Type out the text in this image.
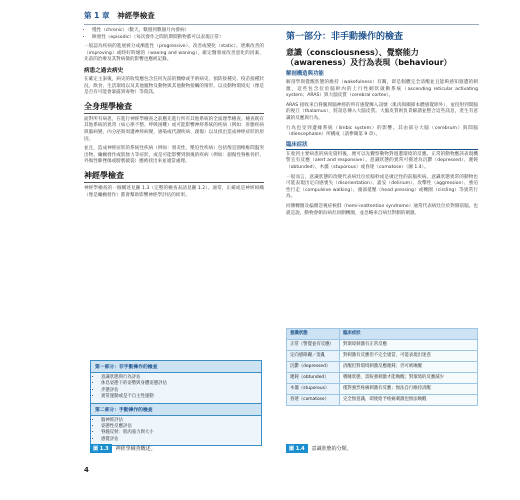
第 1 章 神經學檢查
• 慢性（chronic）（數天、數週到數個月內發病）
• 陣發性（episodic）（每次發作之間的期間動物都可以表現正常）

一般認為疾病的進展被分成漸進性（progressive）、改善或變化（static）、逐漸改善的（improving）或時好時壞的（waxing and waning），確定醫發或改善惡化的因素，先前的治療及其對病徵的影響也應被記錄。

病患之過去病史

在確定主訴後，病史的收集應包含任何先前的醫療或手術病史、預防接種史、疫苗接種狀況、飲食、生活環境以及其他寵物及動物與其他動物接觸的情形，以及動物環境史（像是是否有可能會暴露到毒物）等資訊。

全身理學檢查

面對所有病患，在進行神經學檢查之前應先進行所有其他系統的全面理學檢查。檢查既有其他系統的異常（如心律不整、呼吸困難）或可能影響神經系統的疾病（例如：肝膽疾病與腦病變、內分泌與周邊神經病變、感染或代謝疾病、創傷）以及找出造成神經症狀的原因。

並且，造成神經症狀的系統性疾病（例如：發炎性、壓迫性疾病）包括像是頸椎椎間盤突出物、癲癇發作或肌無力等症狀，或是可能影響到預後的疾病（例如：創傷性脊椎骨折、外傷性肺挫傷或膀胱破裂）應被找出來並適當處理。

神經學檢查

神經學檢查的一個概述見圖 1.3（完整的檢查表請見圖 1.2）。通常，正確或是神經組織（像是癲癇發作）都會幫助影響神經學評估的結果。

第一部分：非手動操作的檢查
• 意識狀態與行為評估
• 休息姿態下的姿勢與身體姿態評估
• 步態評估
• 異常運動或是不自主性運動
第二部分：手動操作的檢查
• 腦神經評估
• 姿態性反應評估
• 脊髓反射：肌肉張力與大小
• 感覺評估
圖 1.3	神經學檢查概述。
第一部分：非手動操作的檢查
意識（consciousness）、覺察能力（awareness）及行為表現（behaviour）
解剖構造與功能

解剖學與覺醒狀態的維持（wakefulness）有關，即是個體完全清醒並且能夠感知週遭的刺激，這些包含位於腦幹內的上行性網狀啟動系統（ascending reticular activating system；ARAS）與大腦皮質（cerebral cortex）。

ARAS 接收來自脊髓與腦神經的所有感覺傳入訊號（肌肉與關節本體感覺除外），並投射到間腦的視丘（thalamus），將訊息傳入大腦皮質。大腦皮質則負責解讀並整合這些訊息，產生有意識的反應與行為。

行為也受到邊緣系統（limbic system）的影響。其由部分大腦（cerebrum）與間腦（diencephalon）所構成（請參閱第 9 章）。

臨床症狀

在收到主要病患的病史資料後，便可以先觀察動物對週遭環境的反應。正常的動物應該表現機警且有反應（alert and responsive）。意識狀態的異常可描述為沉鬱（depressed）、遲鈍（obtunded）、木僵（stuporous）或昏迷（comatose）（圖 1.4）。

一般而言，意識狀態的改變代表病灶位於腦幹或是廣泛性的前腦疾病。意識狀態異常的動物也可能表現出定向感喪失（disorientation）、譫妄（delirium）、攻擊性（aggression）、強迫性行走（compulsive walking）、頭部抵壓（head pressing）或轉圈（circling）等異常行為。

同側轉圈及偏側忽視症候群（hemi-inattention syndrome）通常代表病灶位於對側前腦，也就是說，動物會朝向病灶同側轉圈，並忽略來自病灶對側的刺激。

意識狀態	臨床症狀
正常（警覺並有反應）	對環境刺激有正常反應
定向感障礙／混亂	對刺激有反應但不完全適當，可能表現出迷惑
沉鬱（depressed）	清醒但對環境刺激反應遲鈍；仍可被喚醒
遲鈍（obtunded）	嗜睡狀態，需較強刺激才能喚醒；對環境的反應減少
木僵（stuporous）	僅對強烈疼痛刺激有反應；無法自行維持清醒
昏迷（comatose）	完全無意識，即使給予疼痛刺激也無法喚醒
圖 1.4	意識狀態的分類。
4
